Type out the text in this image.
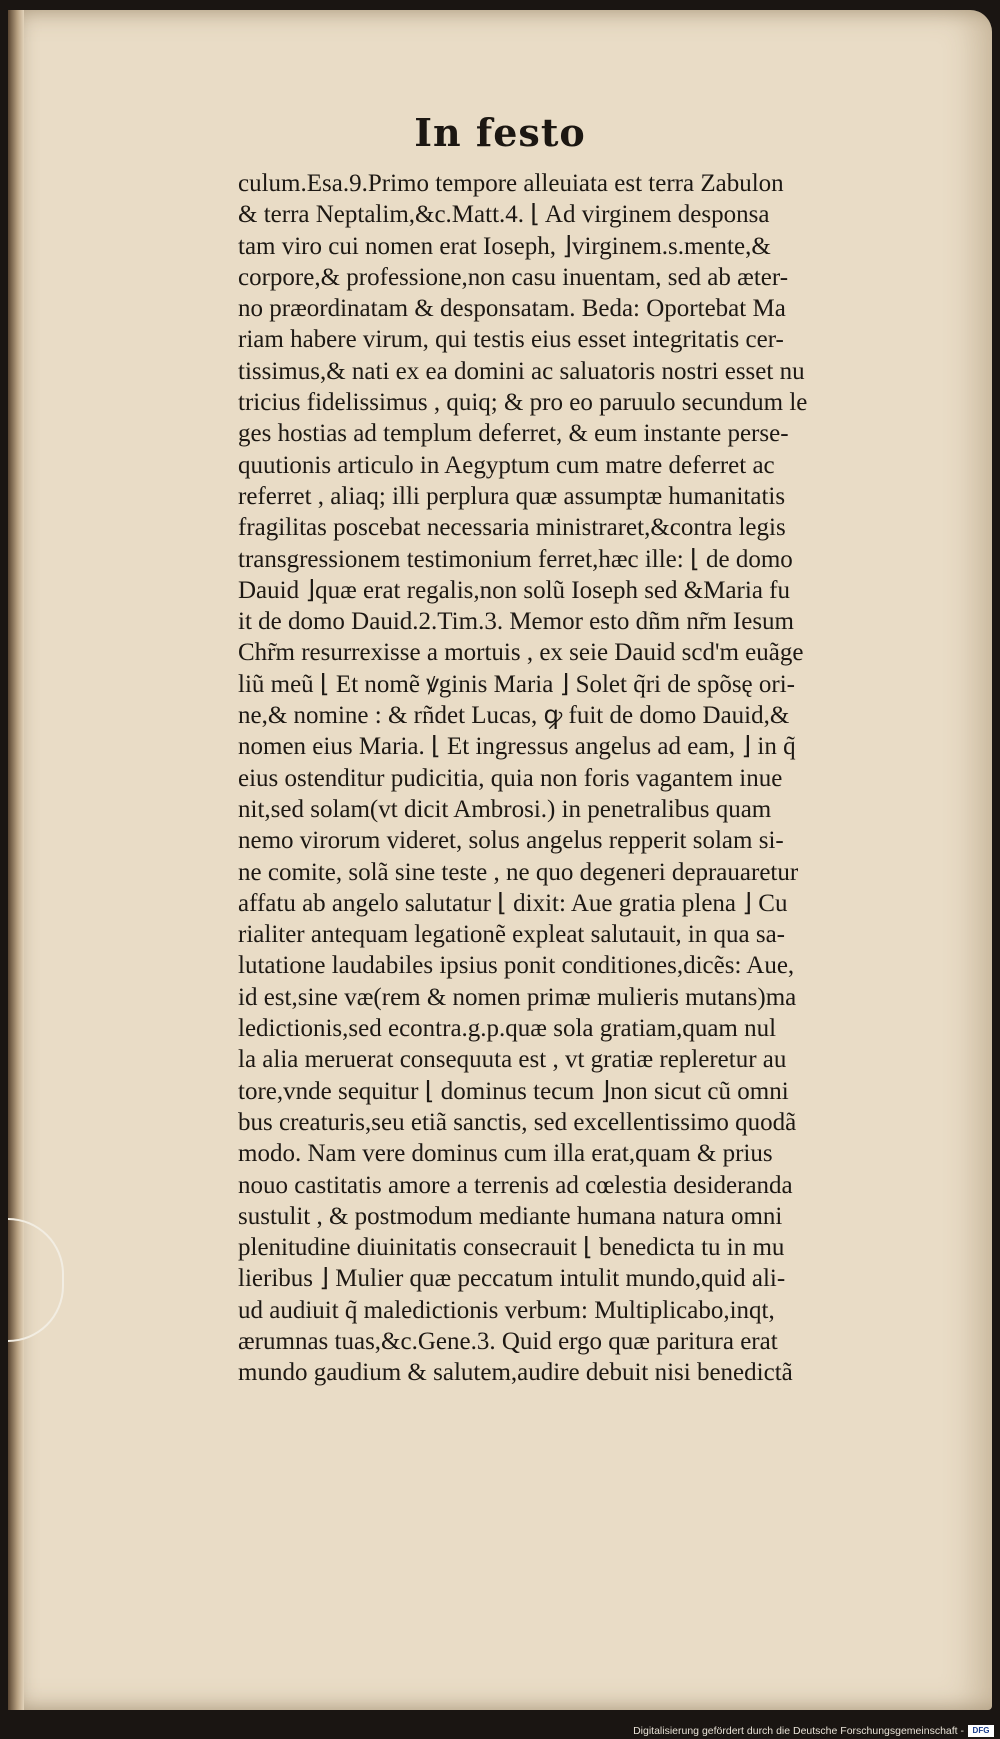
In festo
culum.Esa.9.Primo tempore alleuiata est terra Zabulon
& terra Neptalim,&c.Matt.4. ⌊ Ad virginem desponsa
tam viro cui nomen erat Ioseph, ⌋virginem.s.mente,&
corpore,& professione,non casu inuentam, sed ab æter-
no præordinatam & desponsatam. Beda: Oportebat Ma
riam habere virum, qui testis eius esset integritatis cer-
tissimus,& nati ex ea domini ac saluatoris nostri esset nu
tricius fidelissimus , quiq; & pro eo paruulo secundum le
ges hostias ad templum deferret, & eum instante perse-
quutionis articulo in Aegyptum cum matre deferret ac
referret , aliaq; illi perplura quæ assumptæ humanitatis
fragilitas poscebat necessaria ministraret,&contra legis
transgressionem testimonium ferret,hæc ille: ⌊ de domo
Dauid ⌋quæ erat regalis,non solũ Ioseph sed &Maria fu
it de domo Dauid.2.Tim.3. Memor esto dñm nr̃m Iesum
Chr̃m resurrexisse a mortuis , ex seie Dauid scd'm euãge
liũ meũ ⌊ Et nomẽ ꝟginis Maria ⌋ Solet q̃ri de spõsę ori-
ne,& nomine : & rñdet Lucas, ꝙ fuit de domo Dauid,&
nomen eius Maria. ⌊ Et ingressus angelus ad eam, ⌋ in q̃
eius ostenditur pudicitia, quia non foris vagantem inue
nit,sed solam(vt dicit Ambrosi.) in penetralibus quam
nemo virorum videret, solus angelus repperit solam si-
ne comite, solã sine teste , ne quo degeneri deprauaretur
affatu ab angelo salutatur ⌊ dixit: Aue gratia plena ⌋ Cu
rialiter antequam legationẽ expleat salutauit, in qua sa-
lutatione laudabiles ipsius ponit conditiones,dicẽs: Aue,
id est,sine væ(rem & nomen primæ mulieris mutans)ma
ledictionis,sed econtra.g.p.quæ sola gratiam,quam nul
la alia meruerat consequuta est , vt gratiæ repleretur au
tore,vnde sequitur ⌊ dominus tecum ⌋non sicut cũ omni
bus creaturis,seu etiã sanctis, sed excellentissimo quodã
modo. Nam vere dominus cum illa erat,quam & prius
nouo castitatis amore a terrenis ad cœlestia desideranda
sustulit , & postmodum mediante humana natura omni
plenitudine diuinitatis consecrauit ⌊ benedicta tu in mu
lieribus ⌋ Mulier quæ peccatum intulit mundo,quid ali-
ud audiuit q̃ maledictionis verbum: Multiplicabo,inqt,
ærumnas tuas,&c.Gene.3. Quid ergo quæ paritura erat
mundo gaudium & salutem,audire debuit nisi benedictã
Digitalisierung gefördert durch die Deutsche Forschungsgemeinschaft -	DFG
